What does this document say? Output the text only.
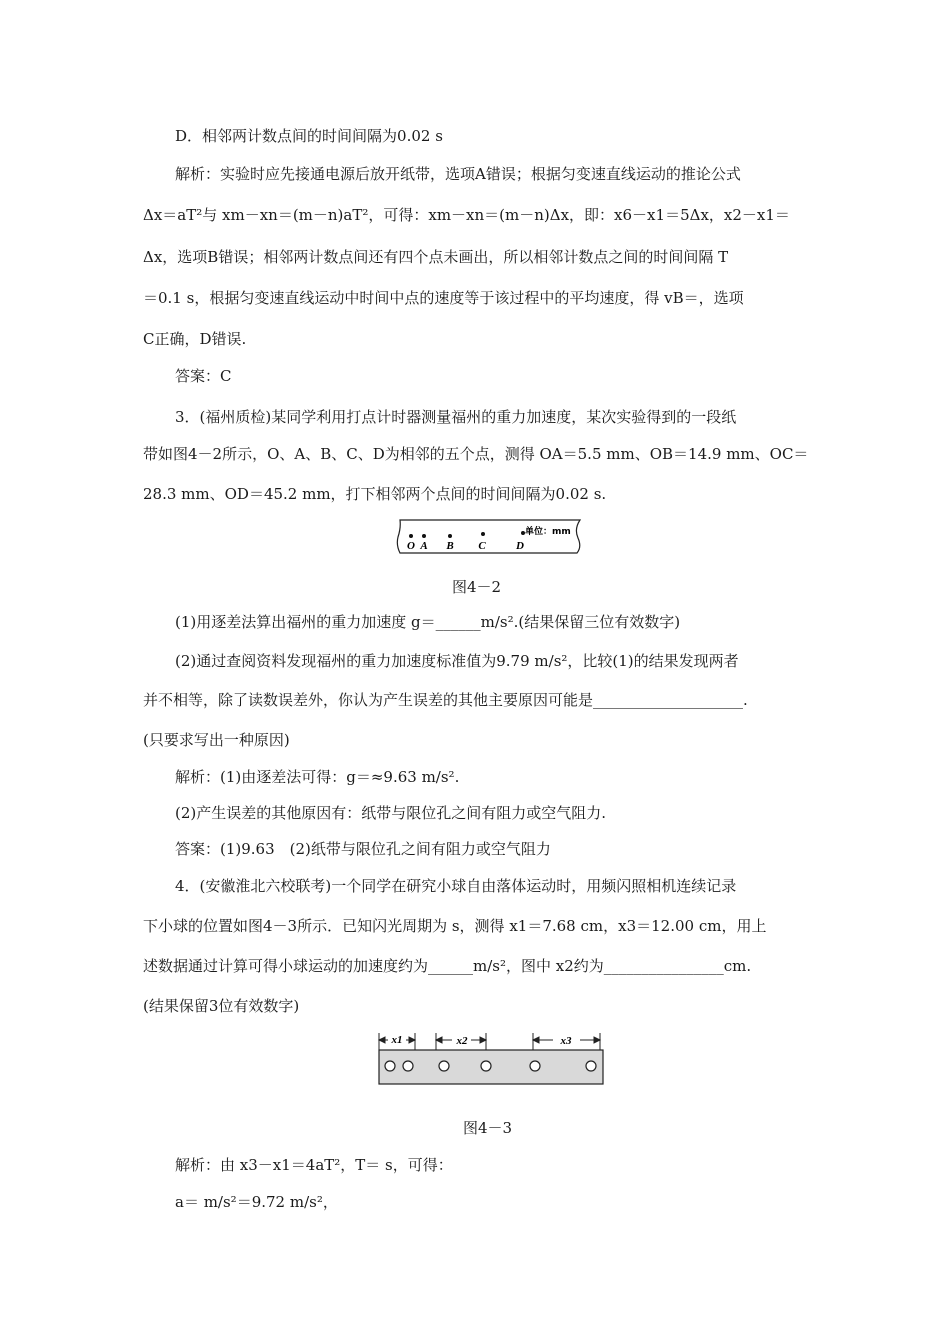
D．相邻两计数点间的时间间隔为0.02 s
解析：实验时应先接通电源后放开纸带，选项A错误；根据匀变速直线运动的推论公式
Δx＝aT²与 xm－xn＝(m－n)aT²，可得：xm－xn＝(m－n)Δx，即：x6－x1＝5Δx，x2－x1＝
Δx，选项B错误；相邻两计数点间还有四个点未画出，所以相邻计数点之间的时间间隔 T
＝0.1 s，根据匀变速直线运动中时间中点的速度等于该过程中的平均速度，得 vB＝，选项
C正确，D错误.
答案：C
3．(福州质检)某同学利用打点计时器测量福州的重力加速度，某次实验得到的一段纸
带如图4－2所示，O、A、B、C、D为相邻的五个点，测得 OA＝5.5 mm、OB＝14.9 mm、OC＝
28.3 mm、OD＝45.2 mm，打下相邻两个点间的时间间隔为0.02 s.
O A B C	D
单位：mm
图4－2
(1)用逐差法算出福州的重力加速度 g＝______m/s².(结果保留三位有效数字)
(2)通过查阅资料发现福州的重力加速度标准值为9.79 m/s²，比较(1)的结果发现两者
并不相等，除了读数误差外，你认为产生误差的其他主要原因可能是____________________.
(只要求写出一种原因)
解析：(1)由逐差法可得：g＝≈9.63 m/s².
(2)产生误差的其他原因有：纸带与限位孔之间有阻力或空气阻力.
答案：(1)9.63　(2)纸带与限位孔之间有阻力或空气阻力
4．(安徽淮北六校联考)一个同学在研究小球自由落体运动时，用频闪照相机连续记录
下小球的位置如图4－3所示．已知闪光周期为 s，测得 x1＝7.68 cm，x3＝12.00 cm，用上
述数据通过计算可得小球运动的加速度约为______m/s²，图中 x2约为________________cm.
(结果保留3位有效数字)
x1	x2	x3
图4－3
解析：由 x3－x1＝4aT²，T＝ s，可得：
a＝ m/s²＝9.72 m/s²，
